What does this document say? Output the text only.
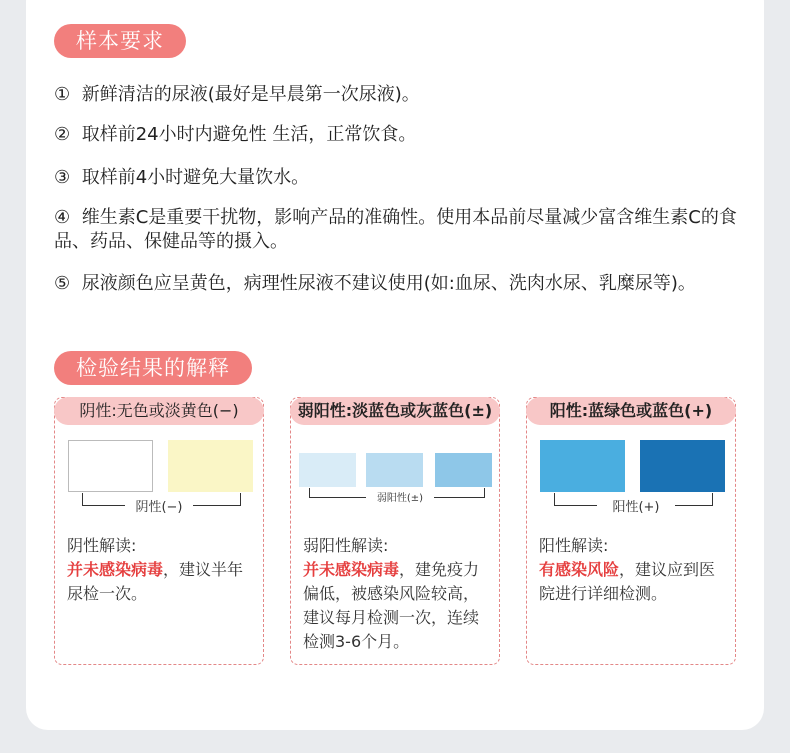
样本要求
① 新鲜清洁的尿液(最好是早晨第一次尿液)。
② 取样前24小时内避免性 生活，正常饮食。
③ 取样前4小时避免大量饮水。
④ 维生素C是重要干扰物，影响产品的准确性。使用本品前尽量减少富含维生素C的食品、药品、保健品等的摄入。
⑤ 尿液颜色应呈黄色，病理性尿液不建议使用(如:血尿、洗肉水尿、乳糜尿等)。
检验结果的解释
阴性:无色或淡黄色(−)
阴性(−)
阴性解读:
并未感染病毒，建议半年尿检一次。
弱阳性:淡蓝色或灰蓝色(±)
弱阳性(±)
弱阳性解读:
并未感染病毒，建免疫力偏低，被感染风险较高，建议每月检测一次，连续检测3-6个月。
阳性:蓝绿色或蓝色(+)
阳性(+)
阳性解读:
有感染风险，建议应到医院进行详细检测。
